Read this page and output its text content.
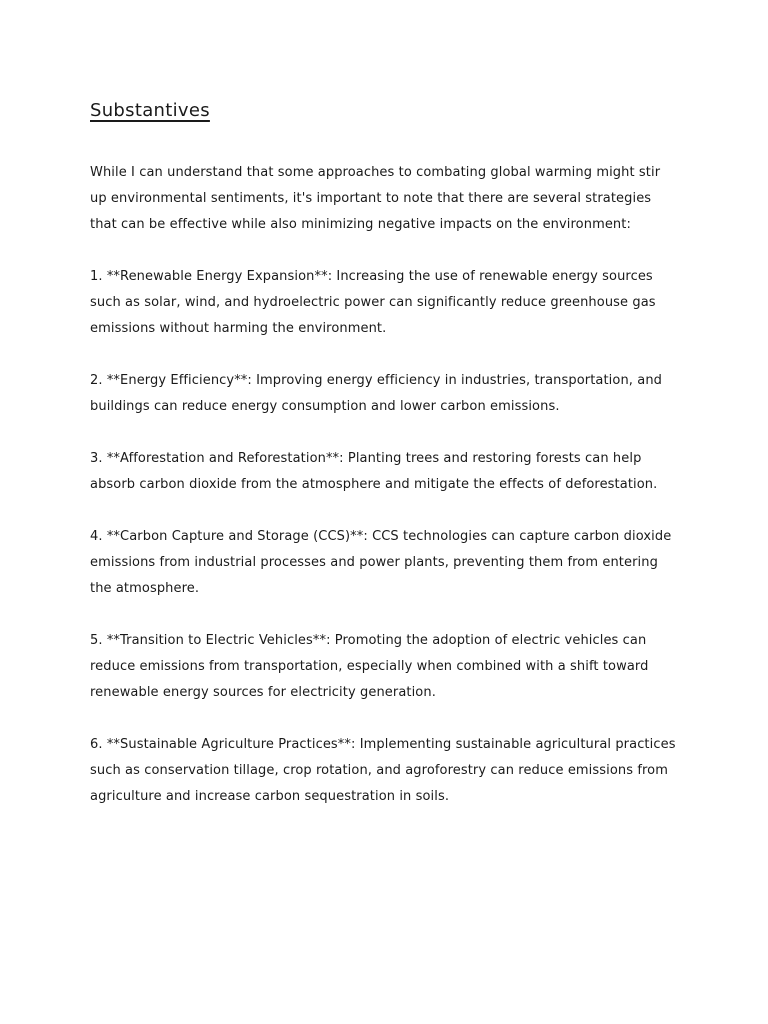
Substantives

While I can understand that some approaches to combating global warming might stir up environmental sentiments, it's important to note that there are several strategies that can be effective while also minimizing negative impacts on the environment:

1. **Renewable Energy Expansion**: Increasing the use of renewable energy sources such as solar, wind, and hydroelectric power can significantly reduce greenhouse gas emissions without harming the environment.

2. **Energy Efficiency**: Improving energy efficiency in industries, transportation, and buildings can reduce energy consumption and lower carbon emissions.

3. **Afforestation and Reforestation**: Planting trees and restoring forests can help absorb carbon dioxide from the atmosphere and mitigate the effects of deforestation.

4. **Carbon Capture and Storage (CCS)**: CCS technologies can capture carbon dioxide emissions from industrial processes and power plants, preventing them from entering the atmosphere.

5. **Transition to Electric Vehicles**: Promoting the adoption of electric vehicles can reduce emissions from transportation, especially when combined with a shift toward renewable energy sources for electricity generation.

6. **Sustainable Agriculture Practices**: Implementing sustainable agricultural practices such as conservation tillage, crop rotation, and agroforestry can reduce emissions from agriculture and increase carbon sequestration in soils.
